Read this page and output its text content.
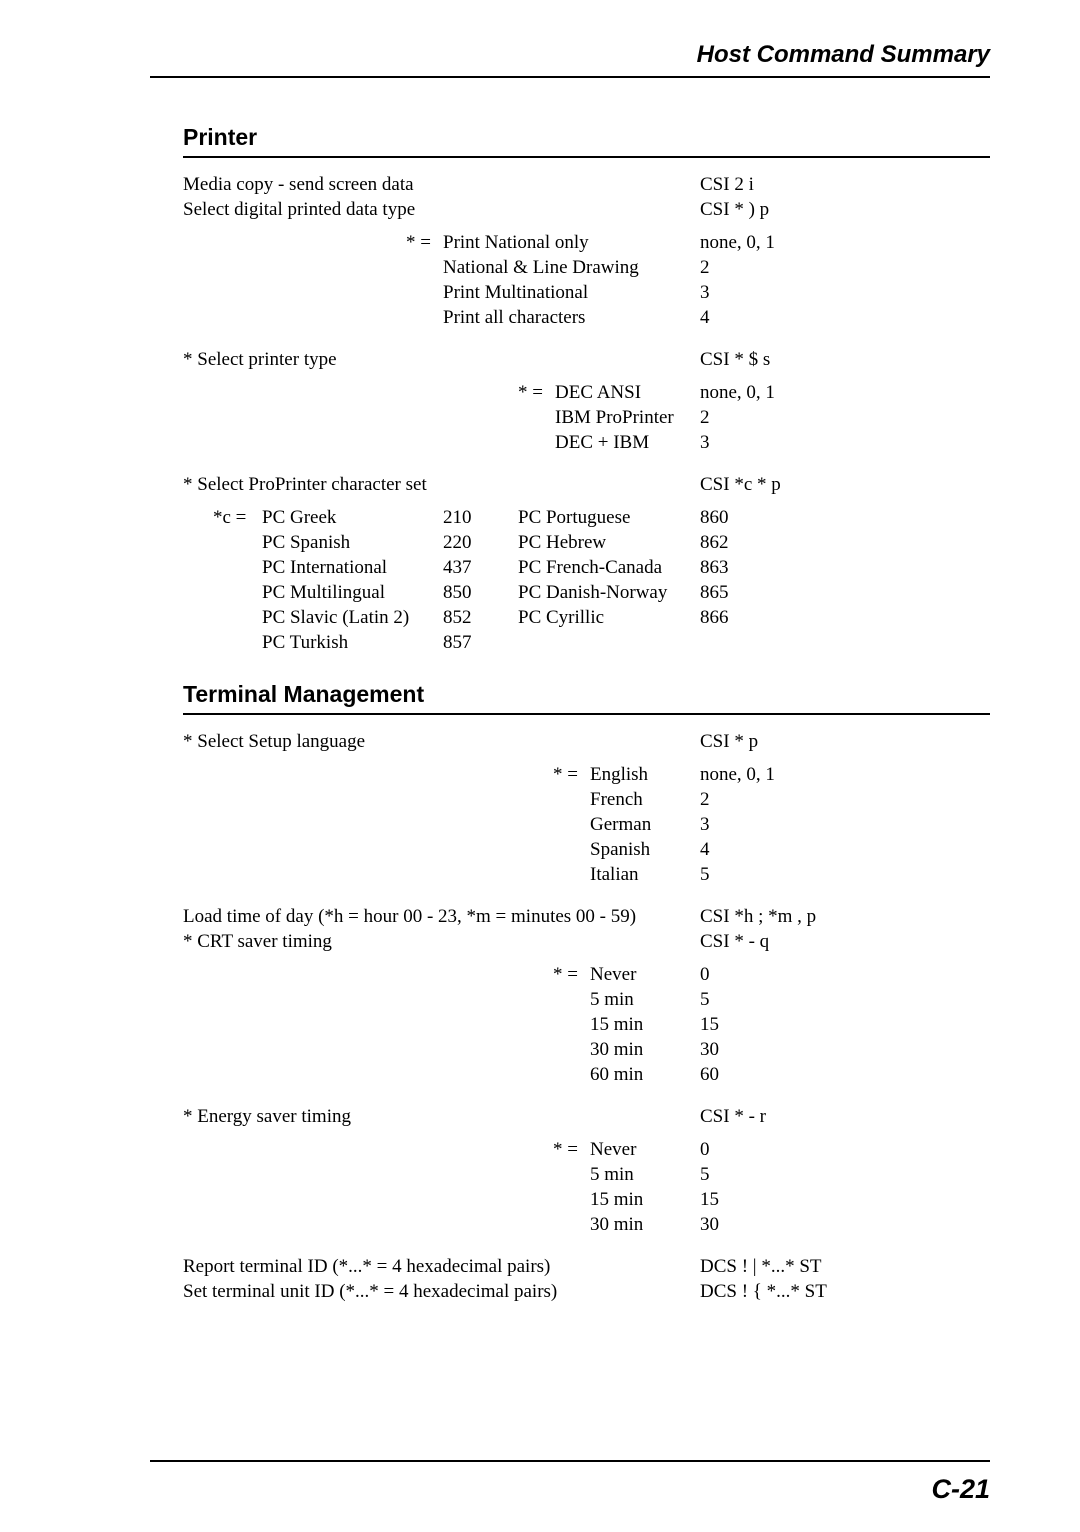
Host Command Summary
Printer
Media copy - send screen data	CSI 2 i
Select digital printed data type	CSI * ) p
* = Print National only	none, 0, 1
National & Line Drawing	2
Print Multinational	3
Print all characters	4
* Select printer type	CSI * $ s
* = DEC ANSI	none, 0, 1
IBM ProPrinter 2
DEC + IBM	3
* Select ProPrinter character set	CSI *c * p
*c = PC Greek	210 PC Portuguese	860
PC Spanish	220 PC Hebrew	862
PC International	437 PC French-Canada 863
PC Multilingual	850 PC Danish-Norway 865
PC Slavic (Latin 2) 852 PC Cyrillic	866
PC Turkish	857
Terminal Management
* Select Setup language	CSI * p
* = English	none, 0, 1
French	2
German	3
Spanish	4
Italian	5
Load time of day (*h = hour 00 - 23, *m = minutes 00 - 59)	CSI *h ; *m , p
* CRT saver timing	CSI * - q
* = Never	0
5 min	5
15 min	15
30 min	30
60 min	60
* Energy saver timing	CSI * - r
* = Never	0
5 min	5
15 min	15
30 min	30
Report terminal ID (*...* = 4 hexadecimal pairs)	DCS ! | *...* ST
Set terminal unit ID (*...* = 4 hexadecimal pairs)	DCS ! { *...* ST
C-21
